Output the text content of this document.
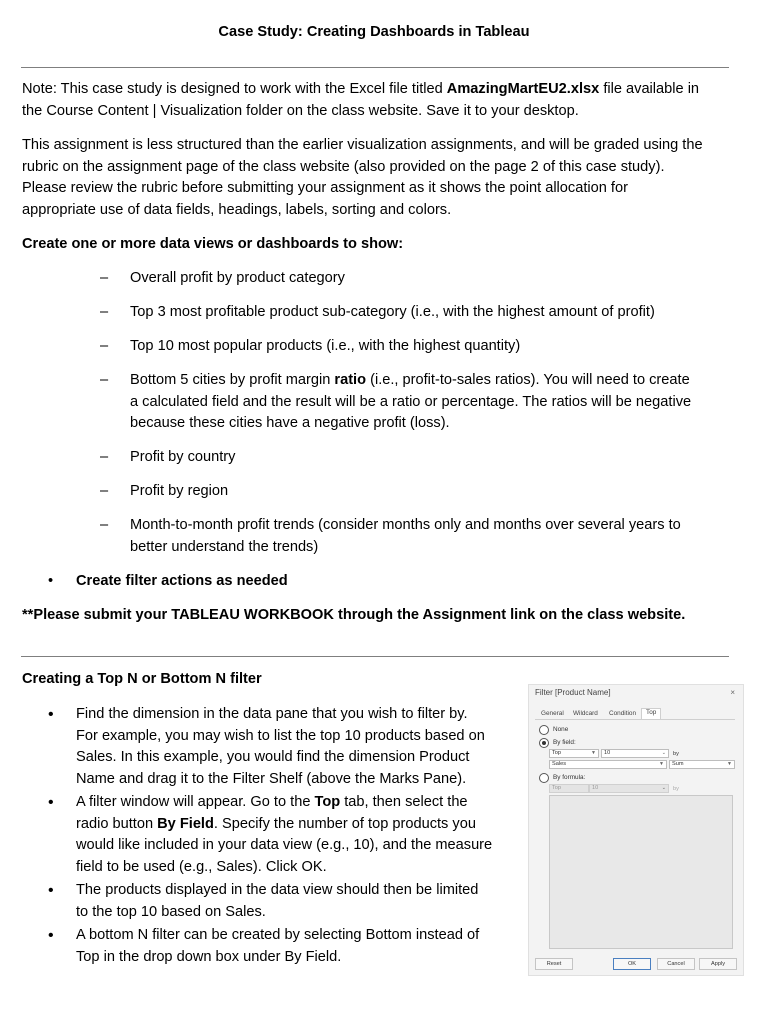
Case Study: Creating Dashboards in Tableau
Note: This case study is designed to work with the Excel file titled AmazingMartEU2.xlsx file available in
the Course Content | Visualization folder on the class website. Save it to your desktop.
This assignment is less structured than the earlier visualization assignments, and will be graded using the
rubric on the assignment page of the class website (also provided on the page 2 of this case study).
Please review the rubric before submitting your assignment as it shows the point allocation for
appropriate use of data fields, headings, labels, sorting and colors.
Create one or more data views or dashboards to show:
–	Overall profit by product category
–	Top 3 most profitable product sub-category (i.e., with the highest amount of profit)
–	Top 10 most popular products (i.e., with the highest quantity)
–	Bottom 5 cities by profit margin ratio (i.e., profit-to-sales ratios). You will need to create
a calculated field and the result will be a ratio or percentage. The ratios will be negative
because these cities have a negative profit (loss).
–	Profit by country
–	Profit by region
–	Month-to-month profit trends (consider months only and months over several years to
better understand the trends)
• Create filter actions as needed
**Please submit your TABLEAU WORKBOOK through the Assignment link on the class website.
Creating a Top N or Bottom N filter
• Find the dimension in the data pane that you wish to filter by.
For example, you may wish to list the top 10 products based on
Sales. In this example, you would find the dimension Product
Name and drag it to the Filter Shelf (above the Marks Pane).
• A filter window will appear. Go to the Top tab, then select the
radio button By Field. Specify the number of top products you
would like included in your data view (e.g., 10), and the measure
field to be used (e.g., Sales). Click OK.
• The products displayed in the data view should then be limited
to the top 10 based on Sales.
• A bottom N filter can be created by selecting Bottom instead of
Top in the drop down box under By Field.
Filter [Product Name]	×
General Wildcard Condition	Top
None
By field:
Top	▼	10	⌄ by
Sales	▼	Sum	▼
By formula:
Top	10	⌄ by
Reset	OK	Cancel	Apply
